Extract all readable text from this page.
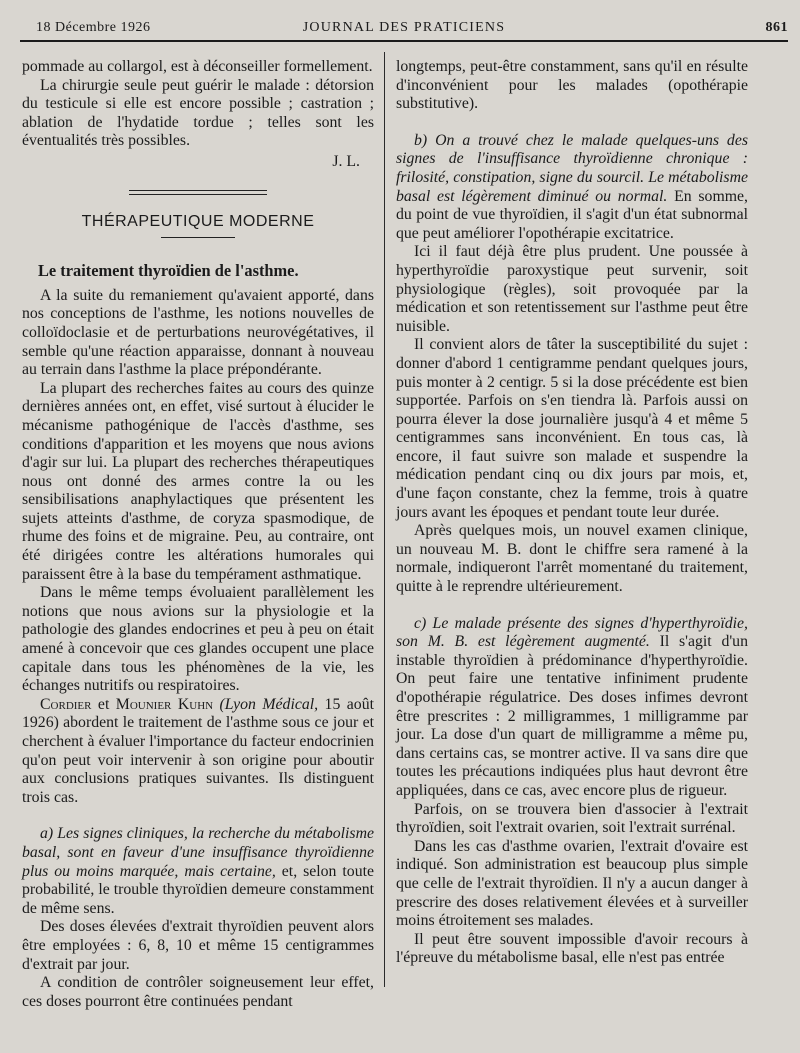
18 Décembre 1926	JOURNAL DES PRATICIENS	861

pommade au collargol, est à déconseiller formellement.

La chirurgie seule peut guérir le malade : détorsion du testicule si elle est encore possible ; castration ; ablation de l'hydatide tordue ; telles sont les éventualités très possibles.

J. L.

THÉRAPEUTIQUE MODERNE
Le traitement thyroïdien de l'asthme.

A la suite du remaniement qu'avaient apporté, dans nos conceptions de l'asthme, les notions nouvelles de colloïdoclasie et de perturbations neurovégétatives, il semble qu'une réaction apparaisse, donnant à nouveau au terrain dans l'asthme la place prépondérante.

La plupart des recherches faites au cours des quinze dernières années ont, en effet, visé surtout à élucider le mécanisme pathogénique de l'accès d'asthme, ses conditions d'apparition et les moyens que nous avions d'agir sur lui. La plupart des recherches thérapeutiques nous ont donné des armes contre la ou les sensibilisations anaphylactiques que présentent les sujets atteints d'asthme, de coryza spasmodique, de rhume des foins et de migraine. Peu, au contraire, ont été dirigées contre les altérations humorales qui paraissent être à la base du tempérament asthmatique.

Dans le même temps évoluaient parallèlement les notions que nous avions sur la physiologie et la pathologie des glandes endocrines et peu à peu on était amené à concevoir que ces glandes occupent une place capitale dans tous les phénomènes de la vie, les échanges nutritifs ou respiratoires.

Cordier et Mounier Kuhn (Lyon Médical, 15 août 1926) abordent le traitement de l'asthme sous ce jour et cherchent à évaluer l'importance du facteur endocrinien qu'on peut voir intervenir à son origine pour aboutir aux conclusions pratiques suivantes. Ils distinguent trois cas.

a) Les signes cliniques, la recherche du métabolisme basal, sont en faveur d'une insuffisance thyroïdienne plus ou moins marquée, mais certaine, et, selon toute probabilité, le trouble thyroïdien demeure constamment de même sens.

Des doses élevées d'extrait thyroïdien peuvent alors être employées : 6, 8, 10 et même 15 centigrammes d'extrait par jour.

A condition de contrôler soigneusement leur effet, ces doses pourront être continuées pendant

longtemps, peut-être constamment, sans qu'il en résulte d'inconvénient pour les malades (opothérapie substitutive).

b) On a trouvé chez le malade quelques-uns des signes de l'insuffisance thyroïdienne chronique : frilosité, constipation, signe du sourcil. Le métabolisme basal est légèrement diminué ou normal. En somme, du point de vue thyroïdien, il s'agit d'un état subnormal que peut améliorer l'opothérapie excitatrice.

Ici il faut déjà être plus prudent. Une poussée à hyperthyroïdie paroxystique peut survenir, soit physiologique (règles), soit provoquée par la médication et son retentissement sur l'asthme peut être nuisible.

Il convient alors de tâter la susceptibilité du sujet : donner d'abord 1 centigramme pendant quelques jours, puis monter à 2 centigr. 5 si la dose précédente est bien supportée. Parfois on s'en tiendra là. Parfois aussi on pourra élever la dose journalière jusqu'à 4 et même 5 centigrammes sans inconvénient. En tous cas, là encore, il faut suivre son malade et suspendre la médication pendant cinq ou dix jours par mois, et, d'une façon constante, chez la femme, trois à quatre jours avant les époques et pendant toute leur durée.

Après quelques mois, un nouvel examen clinique, un nouveau M. B. dont le chiffre sera ramené à la normale, indiqueront l'arrêt momentané du traitement, quitte à le reprendre ultérieurement.

c) Le malade présente des signes d'hyperthyroïdie, son M. B. est légèrement augmenté. Il s'agit d'un instable thyroïdien à prédominance d'hyperthyroïdie. On peut faire une tentative infiniment prudente d'opothérapie régulatrice. Des doses infimes devront être prescrites : 2 milligrammes, 1 milligramme par jour. La dose d'un quart de milligramme a même pu, dans certains cas, se montrer active. Il va sans dire que toutes les précautions indiquées plus haut devront être appliquées, dans ce cas, avec encore plus de rigueur.

Parfois, on se trouvera bien d'associer à l'extrait thyroïdien, soit l'extrait ovarien, soit l'extrait surrénal.

Dans les cas d'asthme ovarien, l'extrait d'ovaire est indiqué. Son administration est beaucoup plus simple que celle de l'extrait thyroïdien. Il n'y a aucun danger à prescrire des doses relativement élevées et à surveiller moins étroitement ses malades.

Il peut être souvent impossible d'avoir recours à l'épreuve du métabolisme basal, elle n'est pas entrée
